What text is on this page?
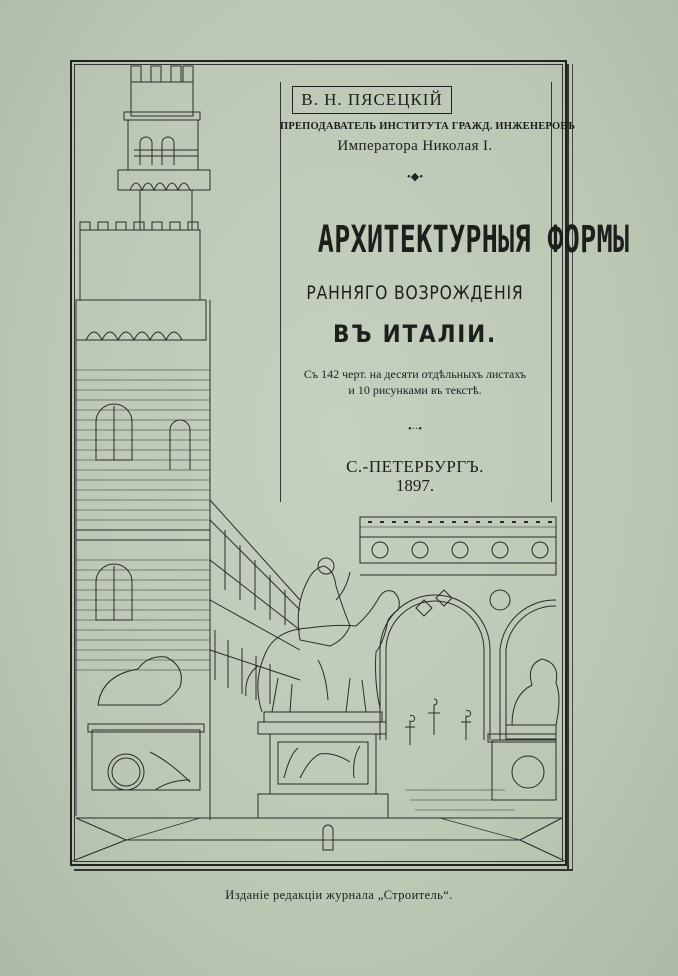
В. Н. ПЯСЕЦКІЙ
ПРЕПОДАВАТЕЛЬ ИНСТИТУТА ГРАЖД. ИНЖЕНЕРОВЪ
Императора Николая I.
•◆•
АРХИТЕКТУРНЫЯ ФОРМЫ
РАННЯГО ВОЗРОЖДЕНІЯ
ВЪ ИТАЛІИ.
Съ 142 черт. на десяти отдѣльныхъ листахъ
и 10 рисунками въ текстѣ.
•··•
С.-ПЕТЕРБУРГЪ.
1897.
Изданіе редакціи журнала „Строитель“.
